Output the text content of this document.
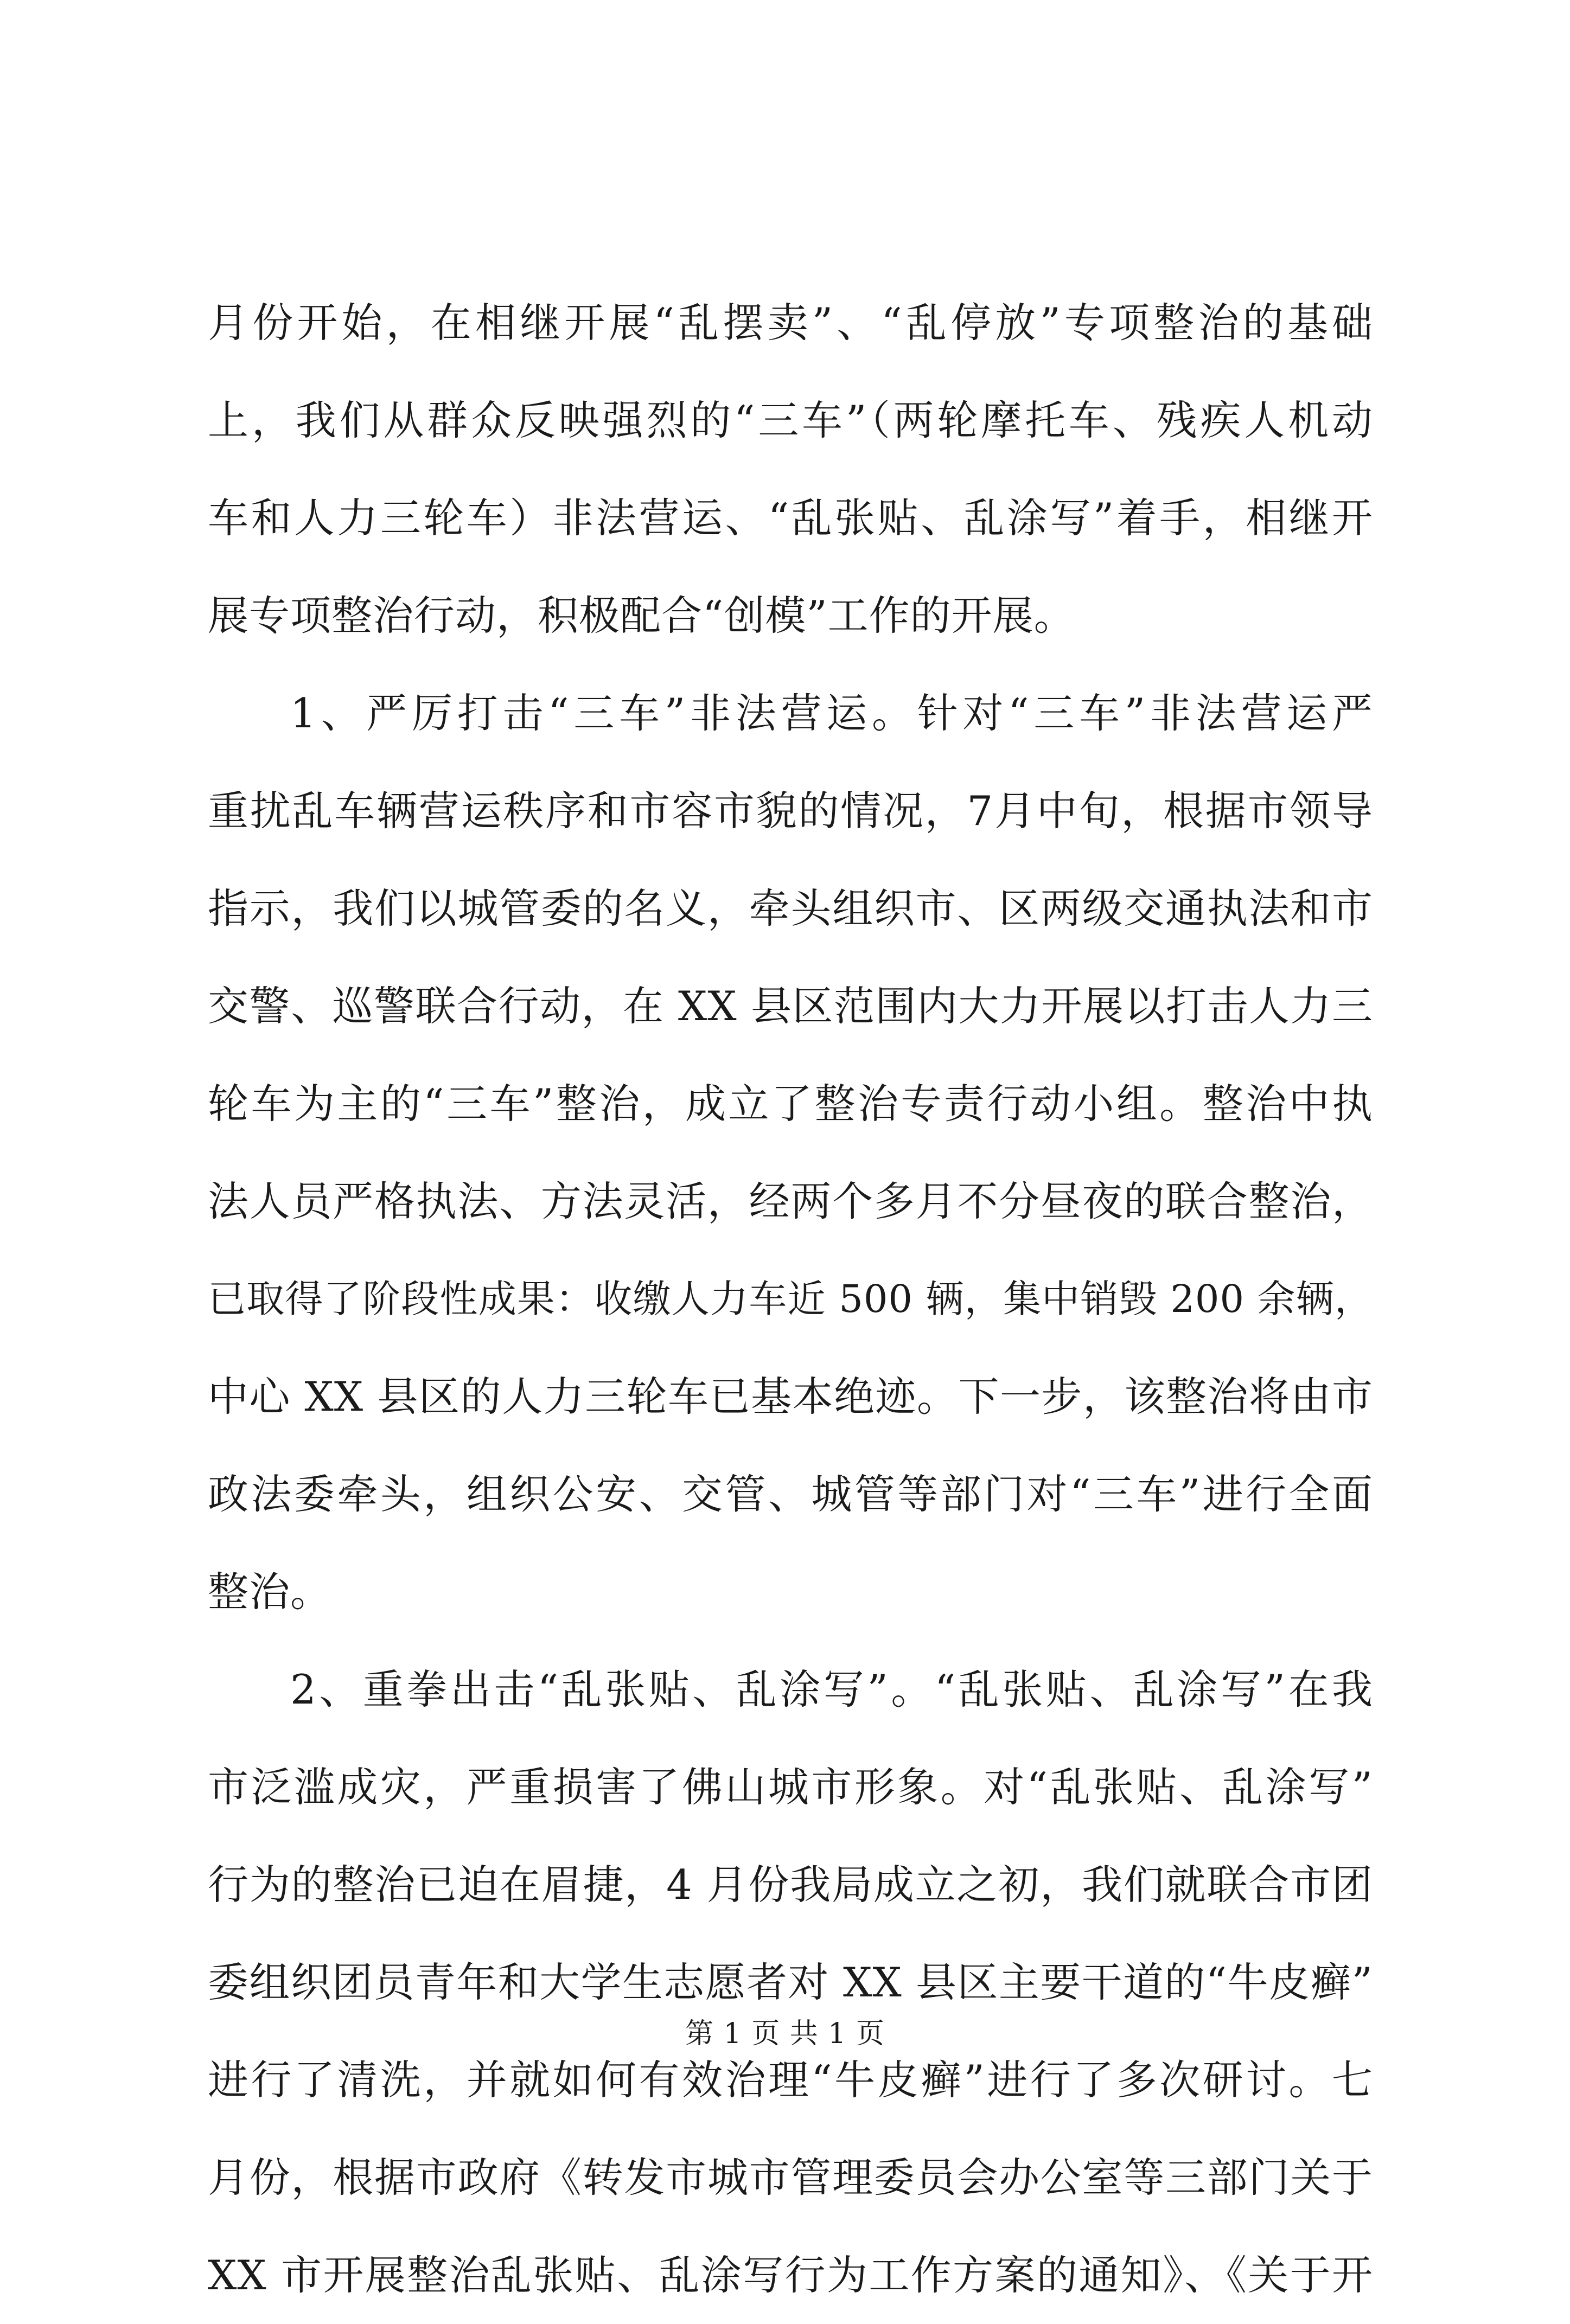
月份开始，在相继开展“乱摆卖”、“乱停放”专项整治的基础
上，我们从群众反映强烈的“三车”（两轮摩托车、残疾人机动
车和人力三轮车）非法营运、“乱张贴、乱涂写”着手，相继开
展专项整治行动，积极配合“创模”工作的开展。
1、严厉打击“三车”非法营运。针对“三车”非法营运严
重扰乱车辆营运秩序和市容市貌的情况，7月中旬，根据市领导
指示，我们以城管委的名义，牵头组织市、区两级交通执法和市
交警、巡警联合行动，在 XX 县区范围内大力开展以打击人力三
轮车为主的“三车”整治，成立了整治专责行动小组。整治中执
法人员严格执法、方法灵活，经两个多月不分昼夜的联合整治，
已取得了阶段性成果：收缴人力车近 500 辆，集中销毁 200 余辆，
中心 XX 县区的人力三轮车已基本绝迹。下一步，该整治将由市
政法委牵头，组织公安、交管、城管等部门对“三车”进行全面
整治。
2、重拳出击“乱张贴、乱涂写”。“乱张贴、乱涂写”在我
市泛滥成灾，严重损害了佛山城市形象。对“乱张贴、乱涂写”
行为的整治已迫在眉捷，4 月份我局成立之初，我们就联合市团
委组织团员青年和大学生志愿者对 XX 县区主要干道的“牛皮癣”
进行了清洗，并就如何有效治理“牛皮癣”进行了多次研讨。七
月份，根据市政府《转发市城市管理委员会办公室等三部门关于
XX 市开展整治乱张贴、乱涂写行为工作方案的通知》、《关于开
第 1 页 共 1 页
